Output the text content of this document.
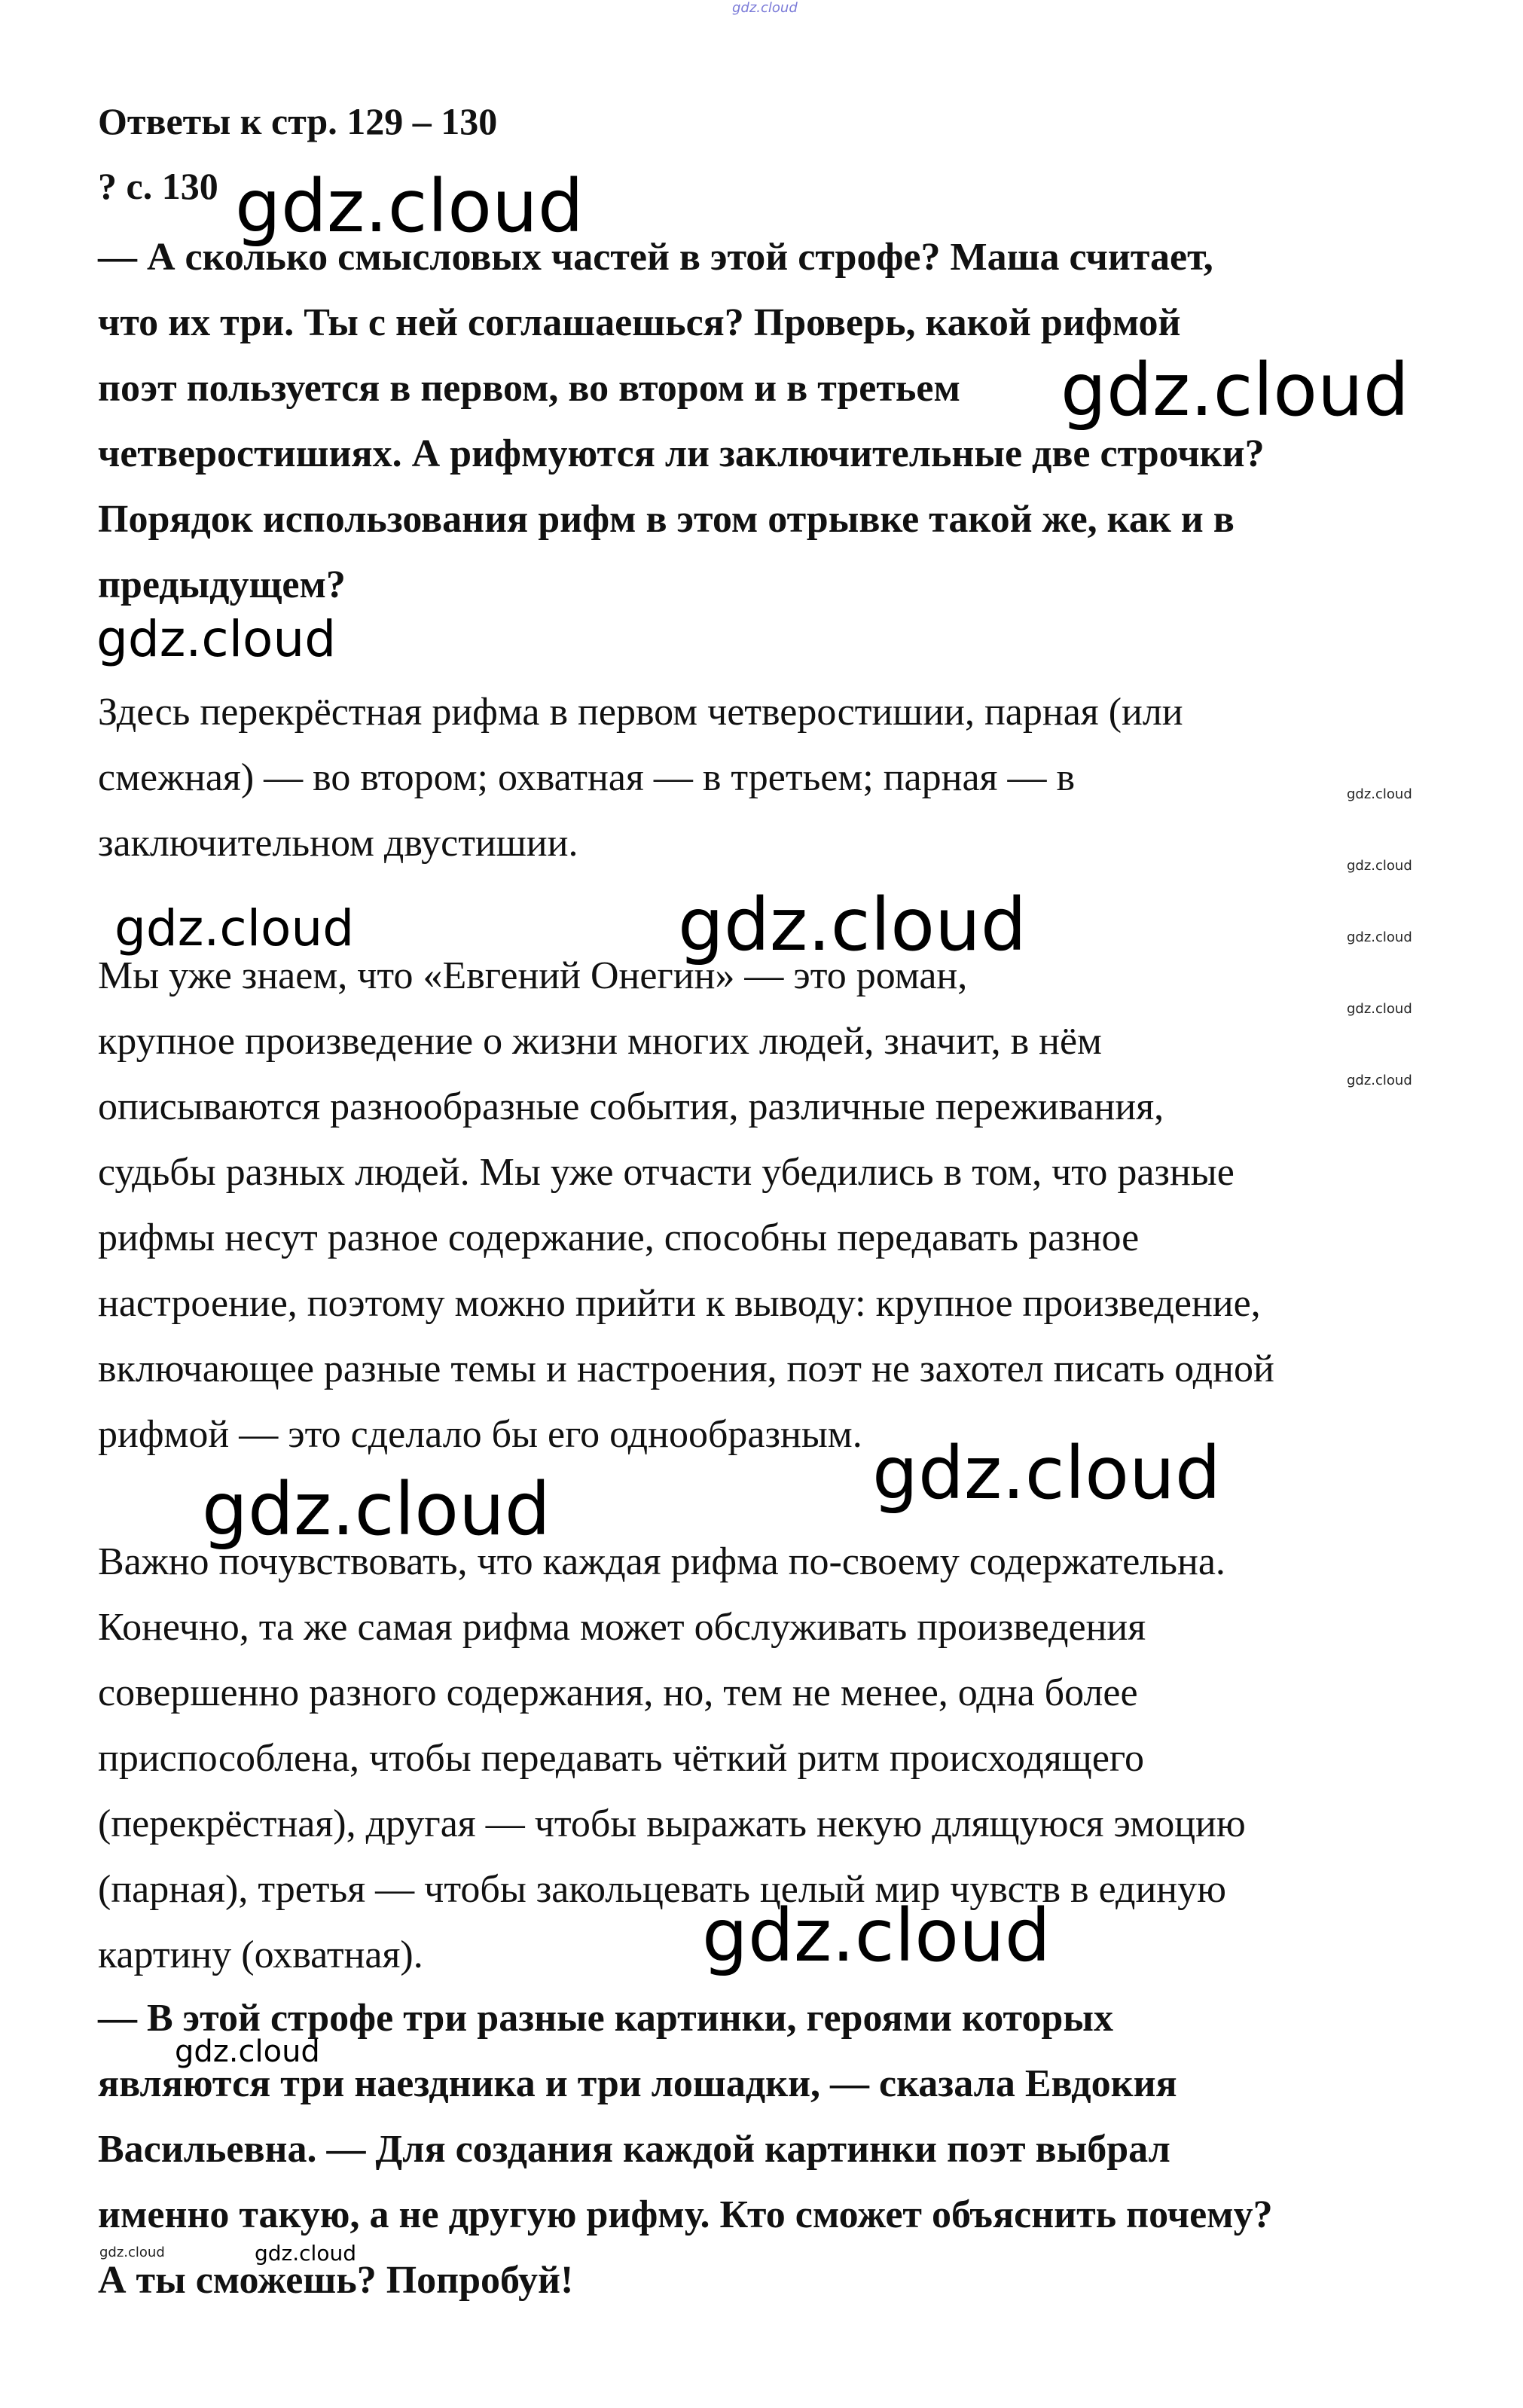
gdz.cloud
Ответы к стр. 129 – 130
? с. 130 gdz.cloud
— А сколько смысловых частей в этой строфе? Маша считает,
что их три. Ты с ней соглашаешься? Проверь, какой рифмой
поэт пользуется в первом, во втором и в третьем
четверостишиях. А рифмуются ли заключительные две строчки?
Порядок использования рифм в этом отрывке такой же, как и в
предыдущем?
gdz.cloud
gdz.cloud
Здесь перекрёстная рифма в первом четверостишии, парная (или
смежная) — во втором; охватная — в третьем; парная — в
заключительном двустишии.
gdz.cloud
gdz.cloud
gdz.cloud
gdz.cloud
gdz.cloud
gdz.cloud	gdz.cloud
Мы уже знаем, что «Евгений Онегин» — это роман,
крупное произведение о жизни многих людей, значит, в нём
описываются разнообразные события, различные переживания,
судьбы разных людей. Мы уже отчасти убедились в том, что разные
рифмы несут разное содержание, способны передавать разное
настроение, поэтому можно прийти к выводу: крупное произведение,
включающее разные темы и настроения, поэт не захотел писать одной
рифмой — это сделало бы его однообразным. gdz.cloud
gdz.cloud
Важно почувствовать, что каждая рифма по-своему содержательна.
Конечно, та же самая рифма может обслуживать произведения
совершенно разного содержания, но, тем не менее, одна более
приспособлена, чтобы передавать чёткий ритм происходящего
(перекрёстная), другая — чтобы выражать некую длящуюся эмоцию
(парная), третья — чтобы закольцевать целый мир чувств в единую
картину (охватная).	gdz.cloud
— В этой строфе три разные картинки, героями которых
являются три наездника и три лошадки, — сказала Евдокия
Васильевна. — Для создания каждой картинки поэт выбрал
именно такую, а не другую рифму. Кто сможет объяснить почему?
А ты сможешь? Попробуй!
gdz.cloud
gdz.cloud	gdz.cloud
